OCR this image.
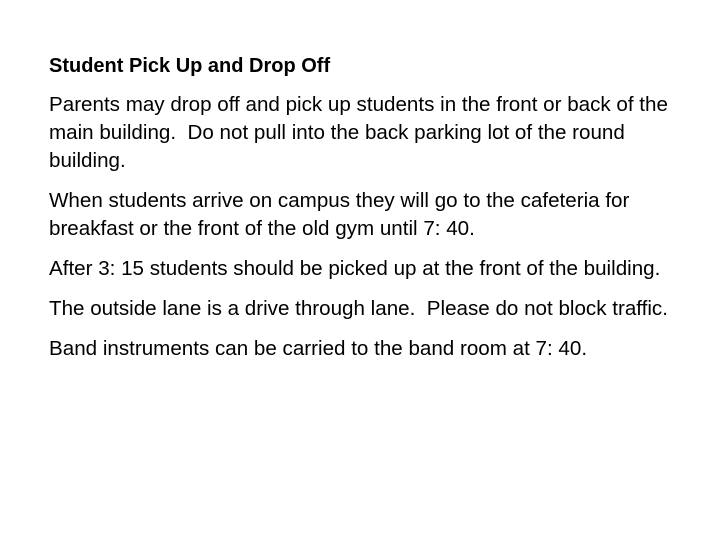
Student Pick Up and Drop Off

Parents may drop off and pick up students in the front or back of the main building.  Do not pull into the back parking lot of the round building.

When students arrive on campus they will go to the cafeteria for breakfast or the front of the old gym until 7: 40.

After 3: 15 students should be picked up at the front of the building.

The outside lane is a drive through lane.  Please do not block traffic.

Band instruments can be carried to the band room at 7: 40.
